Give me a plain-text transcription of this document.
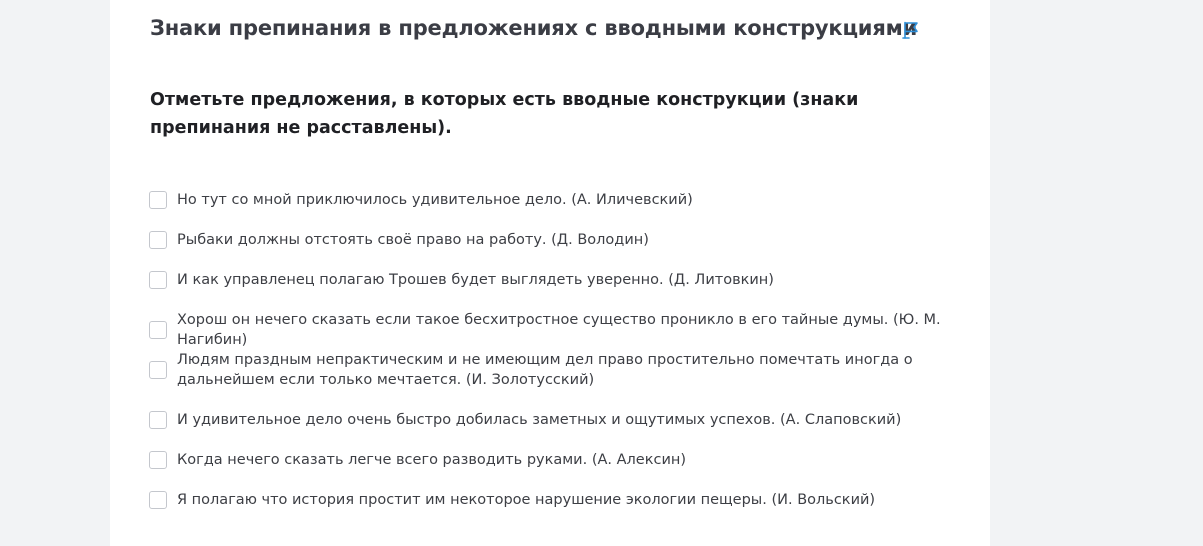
Знаки препинания в предложениях с вводными конструкциями
Отметьте предложения, в которых есть вводные конструкции (знаки препинания не расставлены).
Но тут со мной приключилось удивительное дело. (А. Иличевский)
Рыбаки должны отстоять своё право на работу. (Д. Володин)
И как управленец полагаю Трошев будет выглядеть уверенно. (Д. Литовкин)
Хорош он нечего сказать если такое бесхитростное существо проникло в его тайные думы. (Ю. М. Нагибин)
Людям праздным непрактическим и не имеющим дел право простительно помечтать иногда о дальнейшем если только мечтается. (И. Золотусский)
И удивительное дело очень быстро добилась заметных и ощутимых успехов. (А. Слаповский)
Когда нечего сказать легче всего разводить руками. (А. Алексин)
Я полагаю что история простит им некоторое нарушение экологии пещеры. (И. Вольский)
